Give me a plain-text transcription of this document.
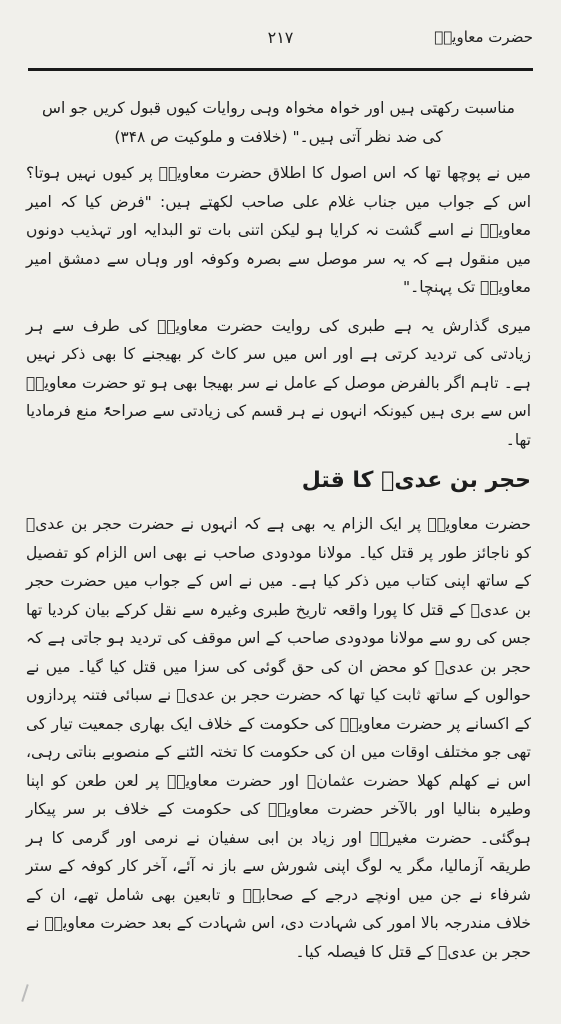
حضرت معاویہؓ
۲۱۷
مناسبت رکھتی ہیں اور خواہ مخواہ وہی روایات کیوں قبول کریں جو اس کی ضد نظر آتی ہیں۔" (خلافت و ملوکیت ص ۳۴۸)

میں نے پوچھا تھا کہ اس اصول کا اطلاق حضرت معاویہؓ پر کیوں نہیں ہوتا؟ اس کے جواب میں جناب غلام علی صاحب لکھتے ہیں: "فرض کیا کہ امیر معاویہؓ نے اسے گشت نہ کرایا ہو لیکن اتنی بات تو البدایہ اور تہذیب دونوں میں منقول ہے کہ یہ سر موصل سے بصرہ وکوفہ اور وہاں سے دمشق امیر معاویہؓ تک پہنچا۔"

میری گذارش یہ ہے طبری کی روایت حضرت معاویہؓ کی طرف سے ہر زیادتی کی تردید کرتی ہے اور اس میں سر کاٹ کر بھیجنے کا بھی ذکر نہیں ہے۔ تاہم اگر بالفرض موصل کے عامل نے سر بھیجا بھی ہو تو حضرت معاویہؓ اس سے بری ہیں کیونکہ انہوں نے ہر قسم کی زیادتی سے صراحۃً منع فرمادیا تھا۔

حجر بن عدیؓ کا قتل

حضرت معاویہؓ پر ایک الزام یہ بھی ہے کہ انہوں نے حضرت حجر بن عدیؓ کو ناجائز طور پر قتل کیا۔ مولانا مودودی صاحب نے بھی اس الزام کو تفصیل کے ساتھ اپنی کتاب میں ذکر کیا ہے۔ میں نے اس کے جواب میں حضرت حجر بن عدیؓ کے قتل کا پورا واقعہ تاریخ طبری وغیرہ سے نقل کرکے بیان کردیا تھا جس کی رو سے مولانا مودودی صاحب کے اس موقف کی تردید ہو جاتی ہے کہ حجر بن عدیؓ کو محض ان کی حق گوئی کی سزا میں قتل کیا گیا۔ میں نے حوالوں کے ساتھ ثابت کیا تھا کہ حضرت حجر بن عدیؓ نے سبائی فتنہ پردازوں کے اکسانے پر حضرت معاویہؓ کی حکومت کے خلاف ایک بھاری جمعیت تیار کی تھی جو مختلف اوقات میں ان کی حکومت کا تختہ الٹنے کے منصوبے بناتی رہی، اس نے کھلم کھلا حضرت عثمانؓ اور حضرت معاویہؓ پر لعن طعن کو اپنا وطیرہ بنالیا اور بالآخر حضرت معاویہؓ کی حکومت کے خلاف بر سر پیکار ہوگئی۔ حضرت مغیرہؓ اور زیاد بن ابی سفیان نے نرمی اور گرمی کا ہر طریقہ آزمالیا، مگر یہ لوگ اپنی شورش سے باز نہ آئے، آخر کار کوفہ کے ستر شرفاء نے جن میں اونچے درجے کے صحابہؓ و تابعین بھی شامل تھے، ان کے خلاف مندرجہ بالا امور کی شہادت دی، اس شہادت کے بعد حضرت معاویہؓ نے حجر بن عدیؓ کے قتل کا فیصلہ کیا۔
